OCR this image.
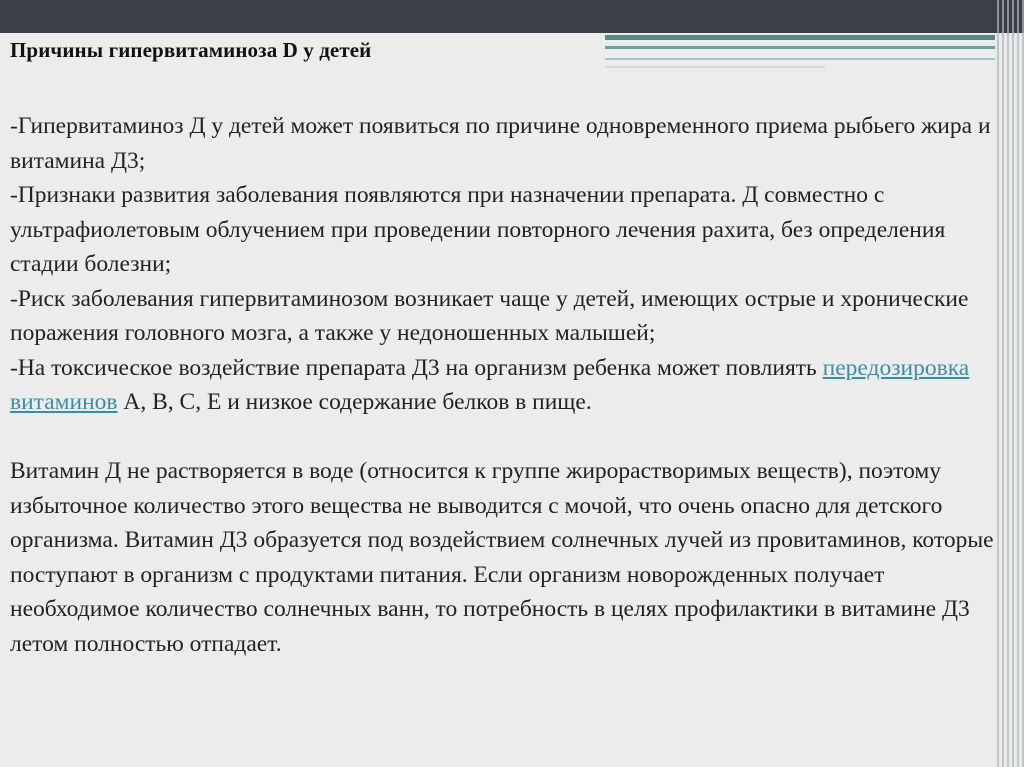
Причины гипервитаминоза D у детей

-Гипервитаминоз Д у детей может появиться по причине одновременного приема рыбьего жира и витамина Д3;

-Признаки развития заболевания появляются при назначении препарата. Д совместно с ультрафиолетовым облучением при проведении повторного лечения рахита, без определения стадии болезни;

-Риск заболевания гипервитаминозом возникает чаще у детей, имеющих острые и хронические поражения головного мозга, а также у недоношенных малышей;

-На токсическое воздействие препарата Д3 на организм ребенка может повлиять передозировка витаминов А, В, С, Е и низкое содержание белков в пище.

Витамин Д не растворяется в воде (относится к группе жирорастворимых веществ), поэтому избыточное количество этого вещества не выводится с мочой, что очень опасно для детского организма. Витамин Д3 образуется под воздействием солнечных лучей из провитаминов, которые поступают в организм с продуктами питания. Если организм новорожденных получает необходимое количество солнечных ванн, то потребность в целях профилактики в витамине Д3 летом полностью отпадает.
